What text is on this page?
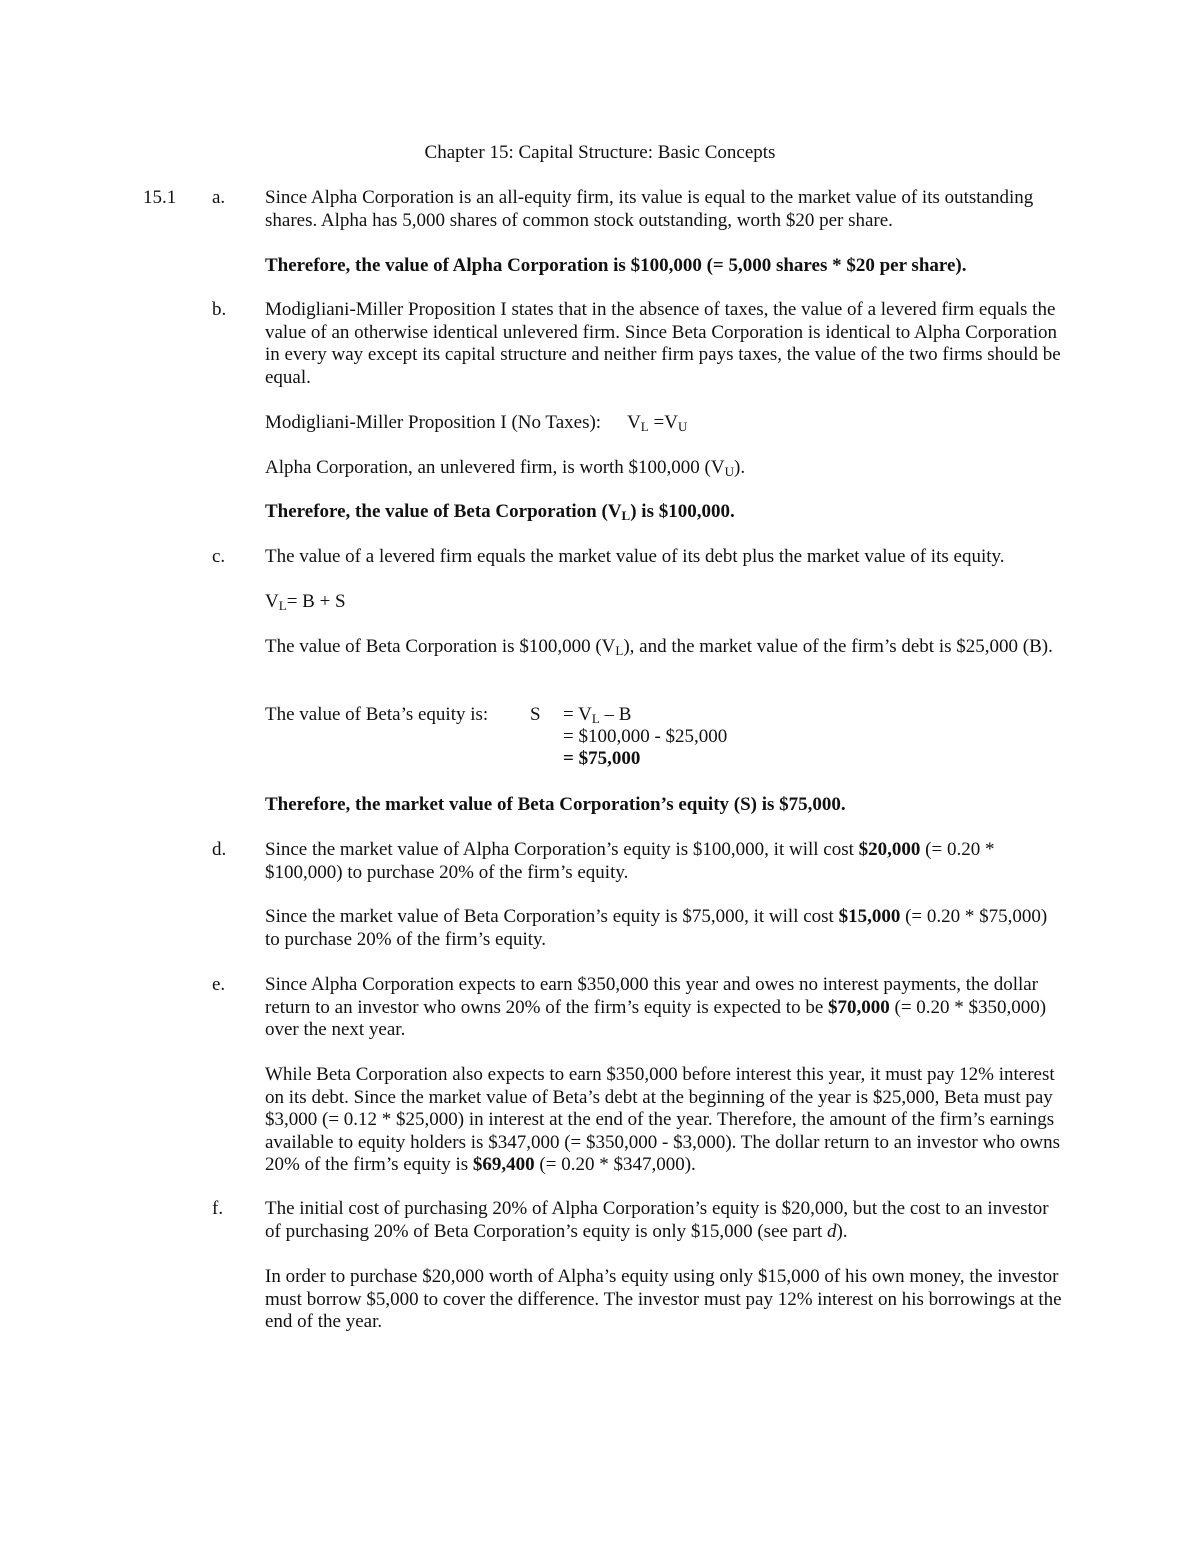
Chapter 15: Capital Structure: Basic Concepts
15.1 a. Since Alpha Corporation is an all-equity firm, its value is equal to the market value of its outstanding shares. Alpha has 5,000 shares of common stock outstanding, worth $20 per share.
Therefore, the value of Alpha Corporation is $100,000 (= 5,000 shares * $20 per share).
b. Modigliani-Miller Proposition I states that in the absence of taxes, the value of a levered firm equals the value of an otherwise identical unlevered firm. Since Beta Corporation is identical to Alpha Corporation in every way except its capital structure and neither firm pays taxes, the value of the two firms should be equal.
Modigliani-Miller Proposition I (No Taxes): $V_L =V_U$
Alpha Corporation, an unlevered firm, is worth $100,000 $(V_U)$.
Therefore, the value of Beta Corporation $(V_L)$ is $100,000.
c. The value of a levered firm equals the market value of its debt plus the market value of its equity.
$V_L= B + S$
The value of Beta Corporation is $100,000 $(V_L)$, and the market value of the firm’s debt is $25,000 (B).
The value of Beta’s equity is: $S = V_L - B$
= $100,000 - $25,000
= $75,000
Therefore, the market value of Beta Corporation’s equity (S) is $75,000.
d. Since the market value of Alpha Corporation’s equity is $100,000, it will cost $20,000 (= 0.20 * $100,000) to purchase 20% of the firm’s equity.
Since the market value of Beta Corporation’s equity is $75,000, it will cost $15,000 (= 0.20 * $75,000) to purchase 20% of the firm’s equity.
e. Since Alpha Corporation expects to earn $350,000 this year and owes no interest payments, the dollar return to an investor who owns 20% of the firm’s equity is expected to be $70,000 (= 0.20 * $350,000) over the next year.
While Beta Corporation also expects to earn $350,000 before interest this year, it must pay 12% interest on its debt. Since the market value of Beta’s debt at the beginning of the year is $25,000, Beta must pay $3,000 (= 0.12 * $25,000) in interest at the end of the year. Therefore, the amount of the firm’s earnings available to equity holders is $347,000 (= $350,000 - $3,000). The dollar return to an investor who owns 20% of the firm’s equity is $69,400 (= 0.20 * $347,000).
f. The initial cost of purchasing 20% of Alpha Corporation’s equity is $20,000, but the cost to an investor of purchasing 20% of Beta Corporation’s equity is only $15,000 (see part d).
In order to purchase $20,000 worth of Alpha’s equity using only $15,000 of his own money, the investor must borrow $5,000 to cover the difference. The investor must pay 12% interest on his borrowings at the end of the year.
